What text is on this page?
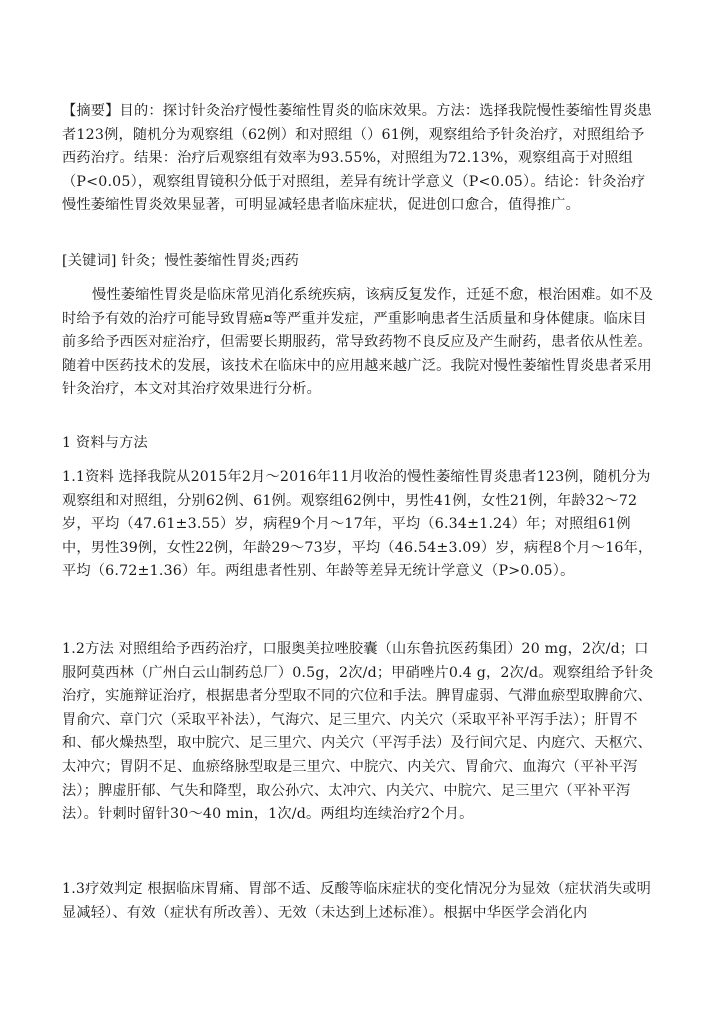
【摘要】目的：探讨针灸治疗慢性萎缩性胃炎的临床效果。方法：选择我院慢性萎缩性胃炎患者123例，随机分为观察组（62例）和对照组（）61例，观察组给予针灸治疗，对照组给予西药治疗。结果：治疗后观察组有效率为93.55%，对照组为72.13%，观察组高于对照组（P<0.05），观察组胃镜积分低于对照组，差异有统计学意义（P<0.05）。结论：针灸治疗慢性萎缩性胃炎效果显著，可明显减轻患者临床症状，促进创口愈合，值得推广。

[关键词] 针灸；慢性萎缩性胃炎;西药

慢性萎缩性胃炎是临床常见消化系统疾病，该病反复发作，迁延不愈，根治困难。如不及时给予有效的治疗可能导致胃癌¤等严重并发症，严重影响患者生活质量和身体健康。临床目前多给予西医对症治疗，但需要长期服药，常导致药物不良反应及产生耐药，患者依从性差。随着中医药技术的发展，该技术在临床中的应用越来越广泛。我院对慢性萎缩性胃炎患者采用针灸治疗，本文对其治疗效果进行分析。

1 资料与方法

1.1资料 选择我院从2015年2月～2016年11月收治的慢性萎缩性胃炎患者123例，随机分为观察组和对照组，分别62例、61例。观察组62例中，男性41例，女性21例，年龄32～72岁，平均（47.61±3.55）岁，病程9个月～17年，平均（6.34±1.24）年；对照组61例中，男性39例，女性22例，年龄29～73岁，平均（46.54±3.09）岁，病程8个月～16年，平均（6.72±1.36）年。两组患者性别、年龄等差异无统计学意义（P>0.05）。

1.2方法 对照组给予西药治疗，口服奥美拉唑胶囊（山东鲁抗医药集团）20 mg，2次/d；口服阿莫西林（广州白云山制药总厂）0.5g，2次/d；甲硝唑片0.4 g，2次/d。观察组给予针灸治疗，实施辩证治疗，根据患者分型取不同的穴位和手法。脾胃虚弱、气滞血瘀型取脾俞穴、胃俞穴、章门穴（采取平补法），气海穴、足三里穴、内关穴（采取平补平泻手法）；肝胃不和、郁火燥热型，取中脘穴、足三里穴、内关穴（平泻手法）及行间穴足、内庭穴、天枢穴、太冲穴；胃阴不足、血瘀络脉型取是三里穴、中脘穴、内关穴、胃俞穴、血海穴（平补平泻法）；脾虚肝郁、气失和降型，取公孙穴、太冲穴、内关穴、中脘穴、足三里穴（平补平泻法）。针刺时留针30～40 min，1次/d。两组均连续治疗2个月。

1.3疗效判定 根据临床胃痛、胃部不适、反酸等临床症状的变化情况分为显效（症状消失或明显减轻）、有效（症状有所改善）、无效（未达到上述标准）。根据中华医学会消化内
